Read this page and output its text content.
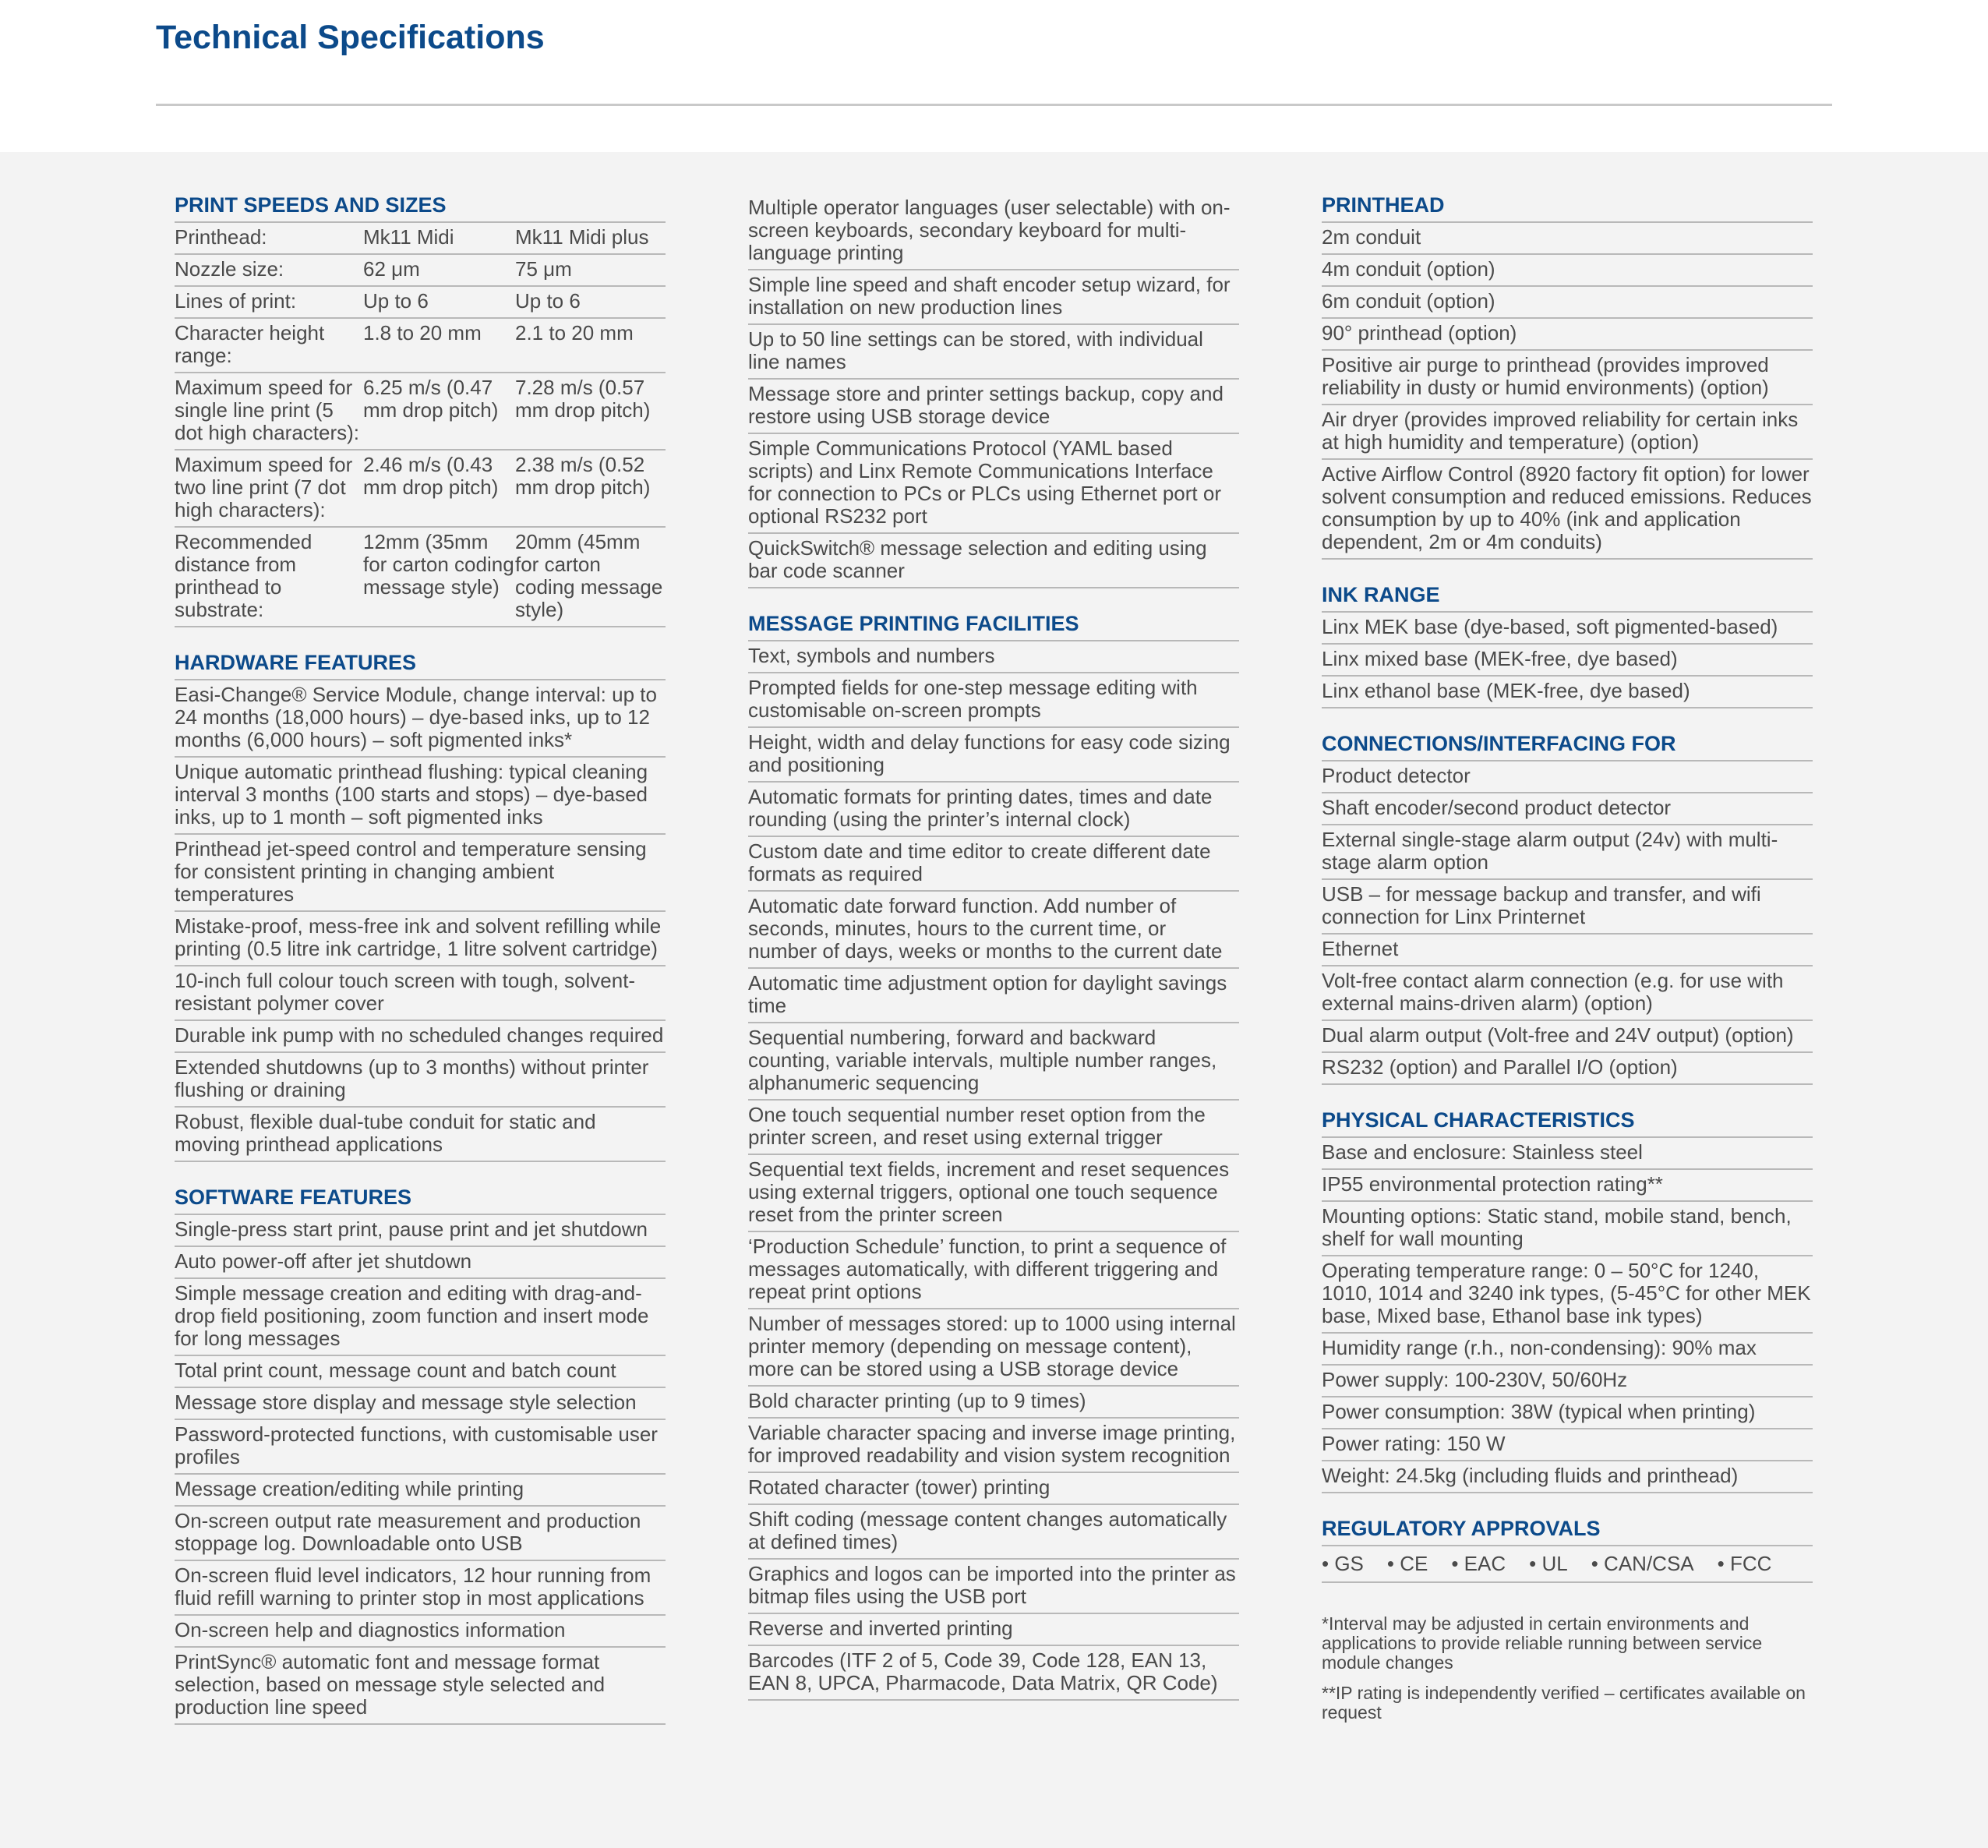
Technical Specifications
PRINT SPEEDS AND SIZES
Printhead:	Mk11 Midi	Mk11 Midi plus
Nozzle size:	62 μm	75 μm
Lines of print:	Up to 6	Up to 6
Character height range:	1.8 to 20 mm	2.1 to 20 mm
Maximum speed for single line print (5 dot high characters):	6.25 m/s (0.47 mm drop pitch)	7.28 m/s (0.57 mm drop pitch)
Maximum speed for two line print (7 dot high characters):	2.46 m/s (0.43 mm drop pitch)	2.38 m/s (0.52 mm drop pitch)
Recommended distance from printhead to substrate:	12mm (35mm for carton coding message style)	20mm (45mm for carton coding message style)
HARDWARE FEATURES
Easi-Change® Service Module, change interval: up to 24 months (18,000 hours) – dye-based inks, up to 12 months (6,000 hours) – soft pigmented inks*
Unique automatic printhead flushing: typical cleaning interval 3 months (100 starts and stops) – dye-based inks, up to 1 month – soft pigmented inks
Printhead jet-speed control and temperature sensing for consistent printing in changing ambient temperatures
Mistake-proof, mess-free ink and solvent refilling while printing (0.5 litre ink cartridge, 1 litre solvent cartridge)
10-inch full colour touch screen with tough, solvent-resistant polymer cover
Durable ink pump with no scheduled changes required
Extended shutdowns (up to 3 months) without printer flushing or draining
Robust, flexible dual-tube conduit for static and moving printhead applications
SOFTWARE FEATURES
Single-press start print, pause print and jet shutdown
Auto power-off after jet shutdown
Simple message creation and editing with drag-and-drop field positioning, zoom function and insert mode for long messages
Total print count, message count and batch count
Message store display and message style selection
Password-protected functions, with customisable user profiles
Message creation/editing while printing
On-screen output rate measurement and production stoppage log. Downloadable onto USB
On-screen fluid level indicators, 12 hour running from fluid refill warning to printer stop in most applications
On-screen help and diagnostics information
PrintSync® automatic font and message format selection, based on message style selected and production line speed
Multiple operator languages (user selectable) with on-screen keyboards, secondary keyboard for multi-language printing
Simple line speed and shaft encoder setup wizard, for installation on new production lines
Up to 50 line settings can be stored, with individual line names
Message store and printer settings backup, copy and restore using USB storage device
Simple Communications Protocol (YAML based scripts) and Linx Remote Communications Interface for connection to PCs or PLCs using Ethernet port or optional RS232 port
QuickSwitch® message selection and editing using bar code scanner
MESSAGE PRINTING FACILITIES
Text, symbols and numbers
Prompted fields for one-step message editing with customisable on-screen prompts
Height, width and delay functions for easy code sizing and positioning
Automatic formats for printing dates, times and date rounding (using the printer’s internal clock)
Custom date and time editor to create different date formats as required
Automatic date forward function. Add number of seconds, minutes, hours to the current time, or number of days, weeks or months to the current date
Automatic time adjustment option for daylight savings time
Sequential numbering, forward and backward counting, variable intervals, multiple number ranges, alphanumeric sequencing
One touch sequential number reset option from the printer screen, and reset using external trigger
Sequential text fields, increment and reset sequences using external triggers, optional one touch sequence reset from the printer screen
‘Production Schedule’ function, to print a sequence of messages automatically, with different triggering and repeat print options
Number of messages stored: up to 1000 using internal printer memory (depending on message content), more can be stored using a USB storage device
Bold character printing (up to 9 times)
Variable character spacing and inverse image printing, for improved readability and vision system recognition
Rotated character (tower) printing
Shift coding (message content changes automatically at defined times)
Graphics and logos can be imported into the printer as bitmap files using the USB port
Reverse and inverted printing
Barcodes (ITF 2 of 5, Code 39, Code 128, EAN 13, EAN 8, UPCA, Pharmacode, Data Matrix, QR Code)
PRINTHEAD
2m conduit
4m conduit (option)
6m conduit (option)
90° printhead (option)
Positive air purge to printhead (provides improved reliability in dusty or humid environments) (option)
Air dryer (provides improved reliability for certain inks at high humidity and temperature) (option)
Active Airflow Control (8920 factory fit option) for lower solvent consumption and reduced emissions. Reduces consumption by up to 40% (ink and application dependent, 2m or 4m conduits)
INK RANGE
Linx MEK base (dye-based, soft pigmented-based)
Linx mixed base (MEK-free, dye based)
Linx ethanol base (MEK-free, dye based)
CONNECTIONS/INTERFACING FOR
Product detector
Shaft encoder/second product detector
External single-stage alarm output (24v) with multi-stage alarm option
USB – for message backup and transfer, and wifi connection for Linx Printernet
Ethernet
Volt-free contact alarm connection (e.g. for use with external mains-driven alarm) (option)
Dual alarm output (Volt-free and 24V output) (option)
RS232 (option) and Parallel I/O (option)
PHYSICAL CHARACTERISTICS
Base and enclosure: Stainless steel
IP55 environmental protection rating**
Mounting options: Static stand, mobile stand, bench, shelf for wall mounting
Operating temperature range: 0 – 50°C for 1240, 1010, 1014 and 3240 ink types, (5-45°C for other MEK base, Mixed base, Ethanol base ink types)
Humidity range (r.h., non-condensing): 90% max
Power supply: 100-230V, 50/60Hz
Power consumption: 38W (typical when printing)
Power rating: 150 W
Weight: 24.5kg (including fluids and printhead)
REGULATORY APPROVALS
• GS • CE • EAC • UL • CAN/CSA • FCC
*Interval may be adjusted in certain environments and applications to provide reliable running between service module changes
**IP rating is independently verified – certificates available on request
